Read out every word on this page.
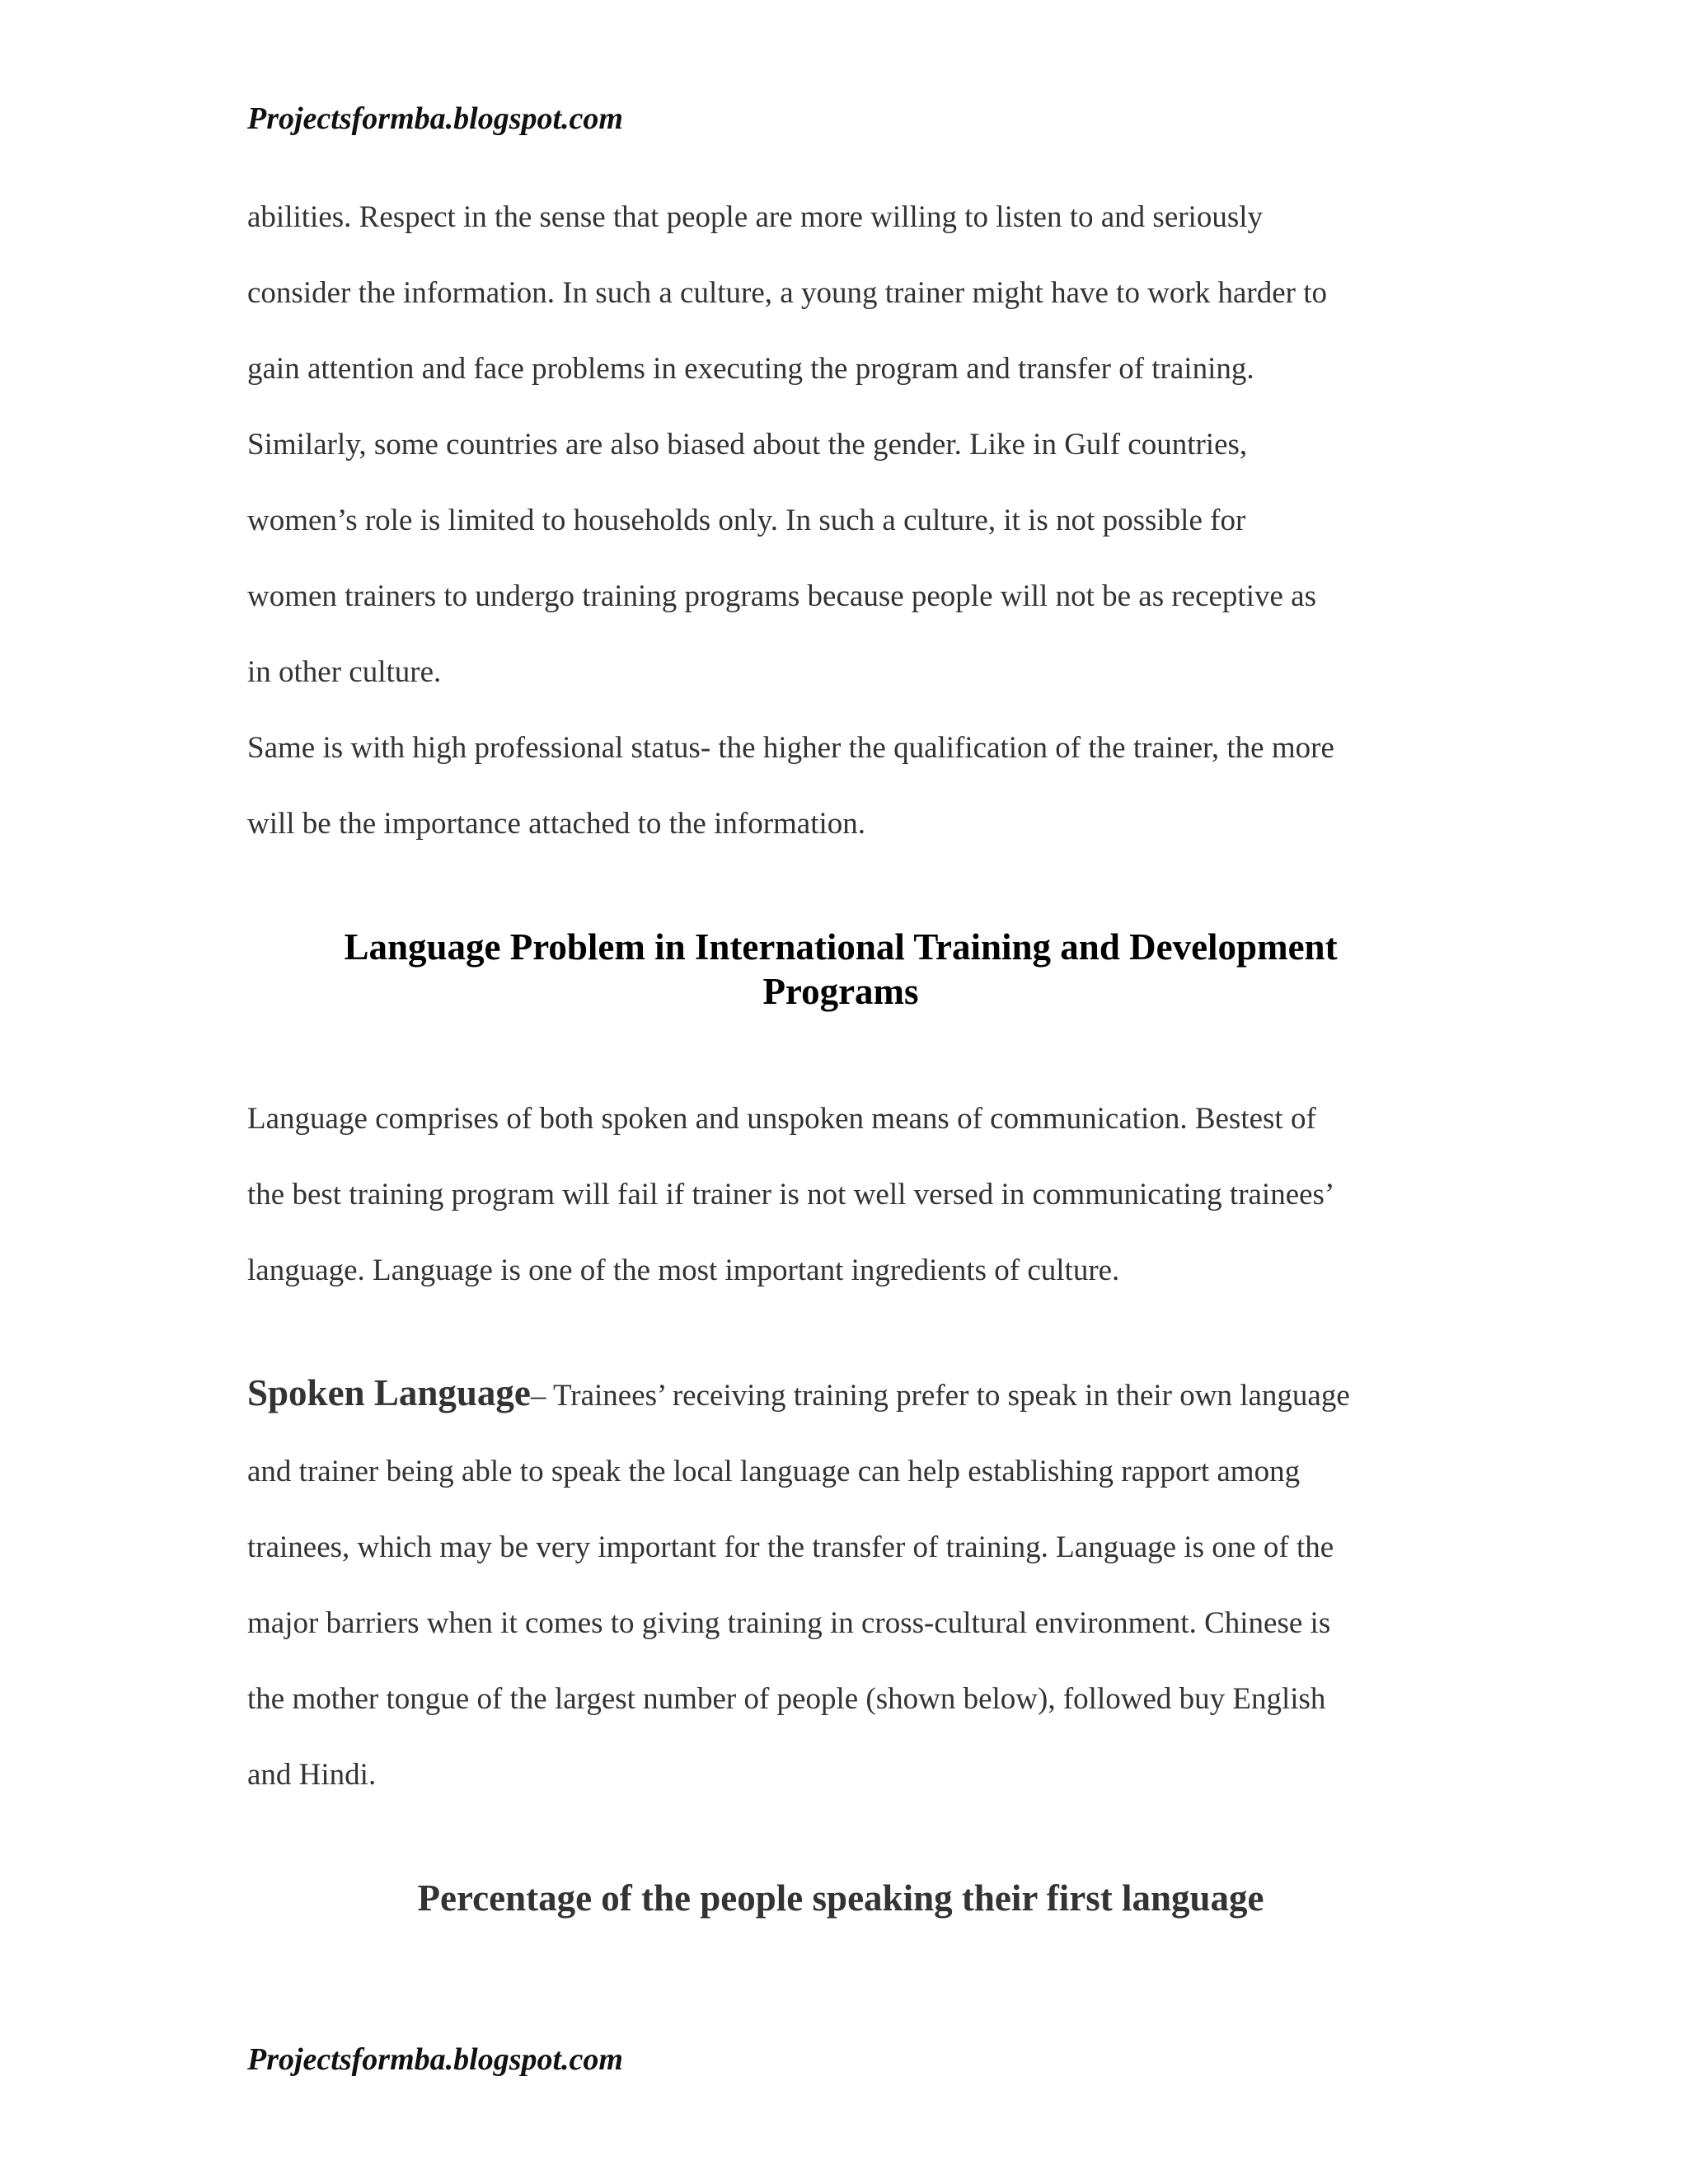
Projectsformba.blogspot.com
abilities. Respect in the sense that people are more willing to listen to and seriously
consider the information. In such a culture, a young trainer might have to work harder to
gain attention and face problems in executing the program and transfer of training.
Similarly, some countries are also biased about the gender. Like in Gulf countries,
women’s role is limited to households only. In such a culture, it is not possible for
women trainers to undergo training programs because people will not be as receptive as
in other culture.
Same is with high professional status- the higher the qualification of the trainer, the more
will be the importance attached to the information.
Language Problem in International Training and Development
Programs
Language comprises of both spoken and unspoken means of communication. Bestest of
the best training program will fail if trainer is not well versed in communicating trainees’
language. Language is one of the most important ingredients of culture.
Spoken Language– Trainees’ receiving training prefer to speak in their own language
and trainer being able to speak the local language can help establishing rapport among
trainees, which may be very important for the transfer of training. Language is one of the
major barriers when it comes to giving training in cross-cultural environment. Chinese is
the mother tongue of the largest number of people (shown below), followed buy English
and Hindi.
Percentage of the people speaking their first language
Projectsformba.blogspot.com
